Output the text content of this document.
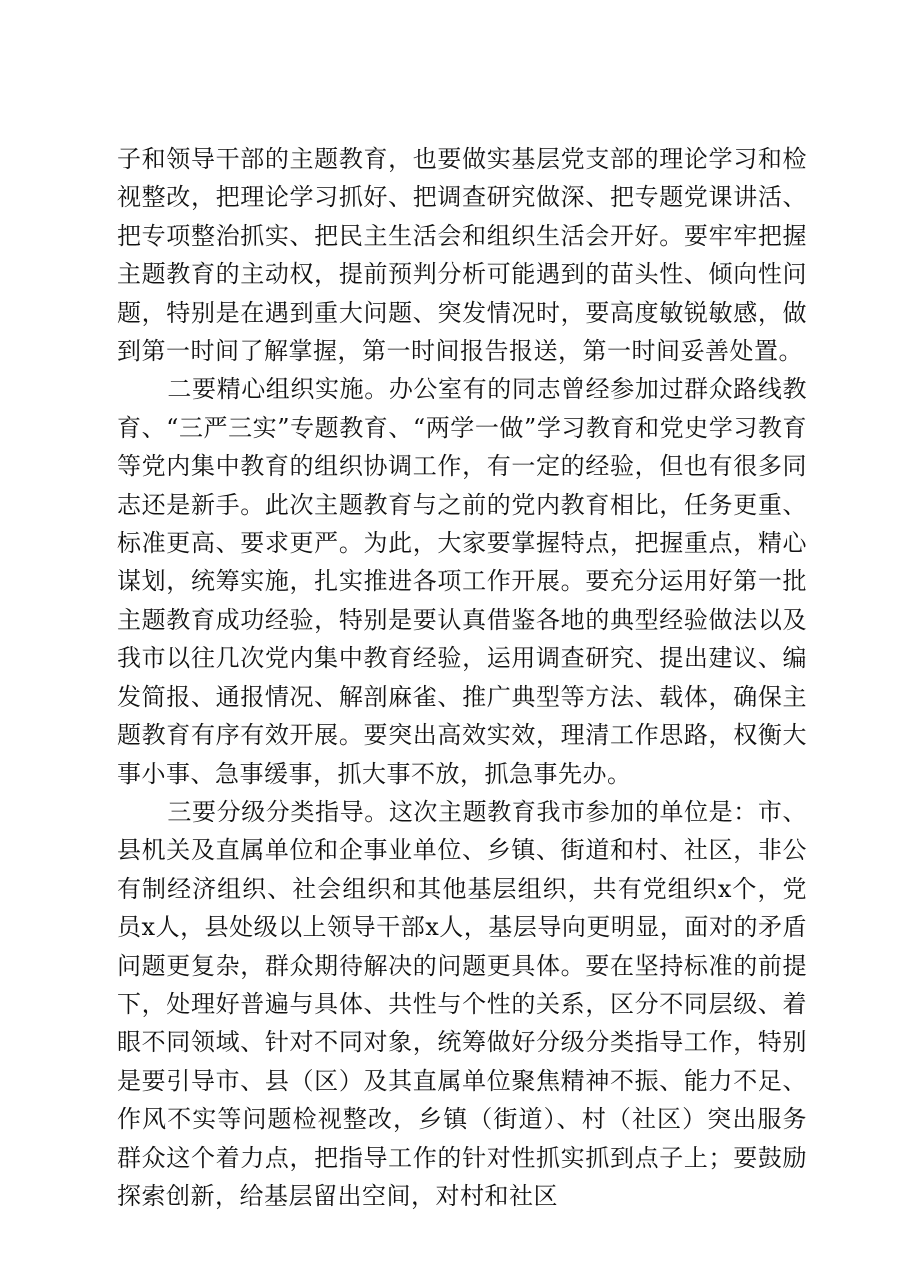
子和领导干部的主题教育，也要做实基层党支部的理论学习和检视整改，把理论学习抓好、把调查研究做深、把专题党课讲活、把专项整治抓实、把民主生活会和组织生活会开好。要牢牢把握主题教育的主动权，提前预判分析可能遇到的苗头性、倾向性问题，特别是在遇到重大问题、突发情况时，要高度敏锐敏感，做到第一时间了解掌握，第一时间报告报送，第一时间妥善处置。

二要精心组织实施。办公室有的同志曾经参加过群众路线教育、“三严三实”专题教育、“两学一做”学习教育和党史学习教育等党内集中教育的组织协调工作，有一定的经验，但也有很多同志还是新手。此次主题教育与之前的党内教育相比，任务更重、标准更高、要求更严。为此，大家要掌握特点，把握重点，精心谋划，统筹实施，扎实推进各项工作开展。要充分运用好第一批主题教育成功经验，特别是要认真借鉴各地的典型经验做法以及我市以往几次党内集中教育经验，运用调查研究、提出建议、编发简报、通报情况、解剖麻雀、推广典型等方法、载体，确保主题教育有序有效开展。要突出高效实效，理清工作思路，权衡大事小事、急事缓事，抓大事不放，抓急事先办。

三要分级分类指导。这次主题教育我市参加的单位是：市、县机关及直属单位和企事业单位、乡镇、街道和村、社区，非公有制经济组织、社会组织和其他基层组织，共有党组织x个，党员x人，县处级以上领导干部x人，基层导向更明显，面对的矛盾问题更复杂，群众期待解决的问题更具体。要在坚持标准的前提下，处理好普遍与具体、共性与个性的关系，区分不同层级、着眼不同领域、针对不同对象，统筹做好分级分类指导工作，特别是要引导市、县（区）及其直属单位聚焦精神不振、能力不足、作风不实等问题检视整改，乡镇（街道）、村（社区）突出服务群众这个着力点，把指导工作的针对性抓实抓到点子上；要鼓励探索创新，给基层留出空间，对村和社区
